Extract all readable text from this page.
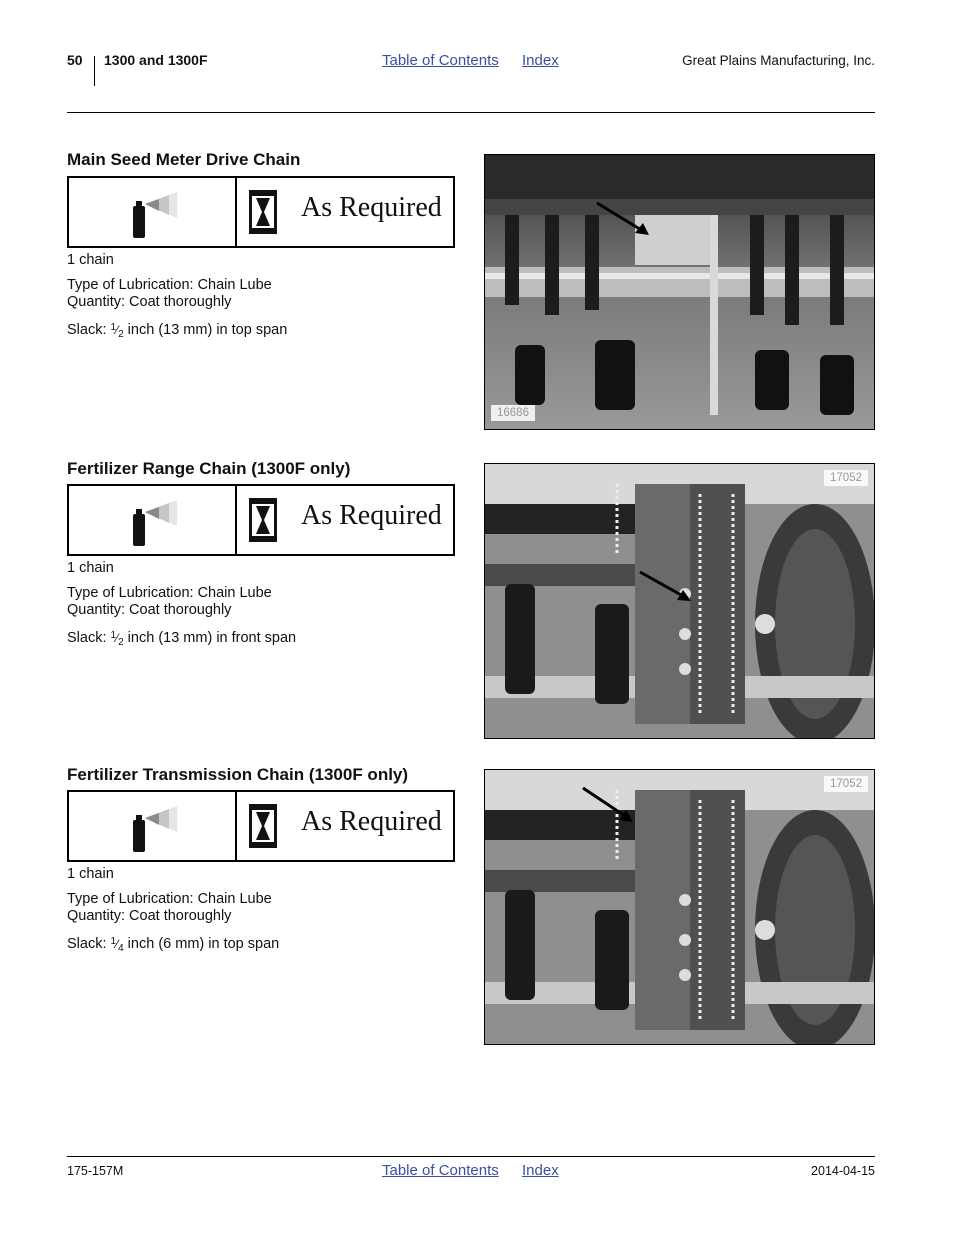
50 1300 and 1300F	Table of Contents Index	Great Plains Manufacturing, Inc.
Main Seed Meter Drive Chain
As Required
1 chain
Type of Lubrication: Chain Lube
Quantity: Coat thoroughly
Slack: $^1⁄_2$ inch (13 mm) in top span
16686
Fertilizer Range Chain (1300F only)
As Required
1 chain
Type of Lubrication: Chain Lube
Quantity: Coat thoroughly
Slack: $^1⁄_2$ inch (13 mm) in front span
17052
Fertilizer Transmission Chain (1300F only)
As Required
1 chain
Type of Lubrication: Chain Lube
Quantity: Coat thoroughly
Slack: $^1⁄_4$ inch (6 mm) in top span
17052
175-157M	Table of Contents Index	2014-04-15
